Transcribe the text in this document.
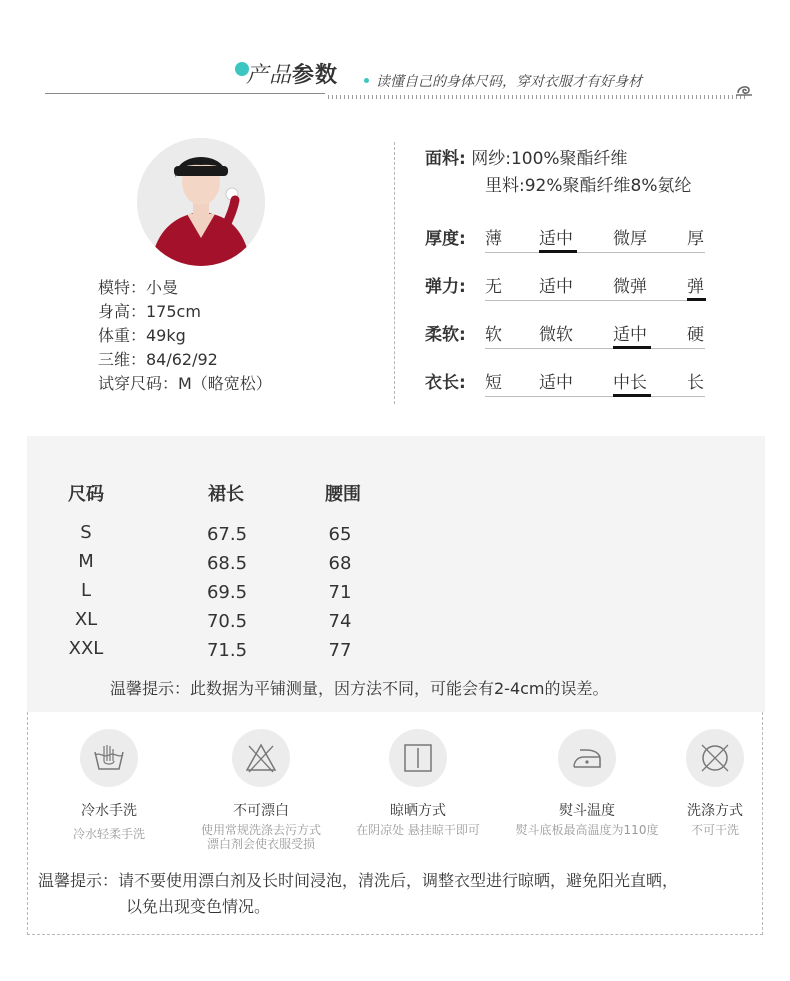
产品参数	读懂自己的身体尺码，穿对衣服才有好身材
模特：小曼
身高：175cm
体重：49kg
三维：84/62/92
试穿尺码：M（略宽松）
面料: 网纱:100%聚酯纤维
里料:92%聚酯纤维8%氨纶
厚度: 薄 适中 微厚 厚
弹力: 无 适中 微弹 弹
柔软: 软 微软 适中 硬
衣长: 短 适中 中长 长
尺码	裙长	腰围
S	67.5	65
M	68.5	68
L	69.5	71
XL	70.5	74
XXL	71.5	77
温馨提示：此数据为平铺测量，因方法不同，可能会有2-4cm的误差。
冷水手洗
冷水轻柔手洗
不可漂白
使用常规洗涤去污方式
漂白剂会使衣服受损
晾晒方式
在阴凉处 悬挂晾干即可
熨斗温度
熨斗底板最高温度为110度
洗涤方式
不可干洗
温馨提示：请不要使用漂白剂及长时间浸泡，清洗后，调整衣型进行晾晒，避免阳光直晒，
以免出现变色情况。
